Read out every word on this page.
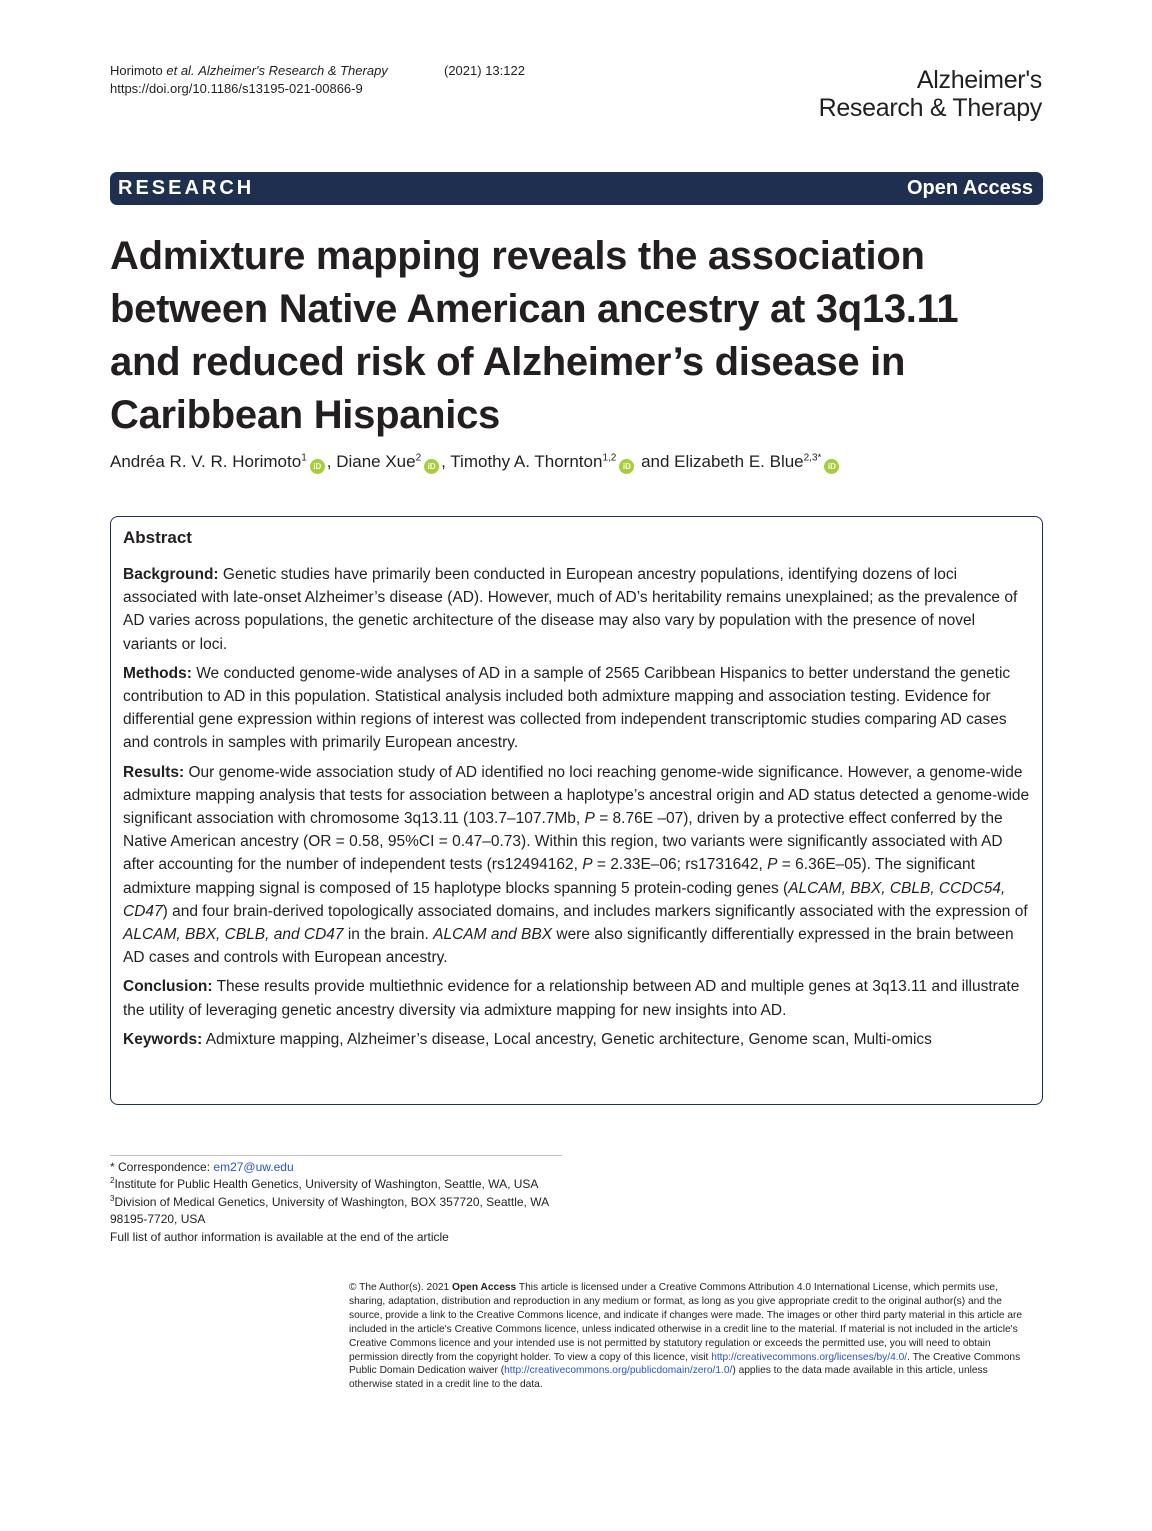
Horimoto et al. Alzheimer's Research & Therapy
https://doi.org/10.1186/s13195-021-00866-9
(2021) 13:122	Alzheimer's
Research & Therapy
RESEARCH	Open Access
Admixture mapping reveals the association between Native American ancestry at 3q13.11 and reduced risk of Alzheimer’s disease in Caribbean Hispanics
Andréa R. V. R. Horimoto$^1$iD , Diane Xue$^2$iD , Timothy A. Thornton$^{1,2}$iD and Elizabeth E. Blue$^{2,3*}$iD
Abstract

Background: Genetic studies have primarily been conducted in European ancestry populations, identifying dozens of loci associated with late-onset Alzheimer’s disease (AD). However, much of AD’s heritability remains unexplained; as the prevalence of AD varies across populations, the genetic architecture of the disease may also vary by population with the presence of novel variants or loci.

Methods: We conducted genome-wide analyses of AD in a sample of 2565 Caribbean Hispanics to better understand the genetic contribution to AD in this population. Statistical analysis included both admixture mapping and association testing. Evidence for differential gene expression within regions of interest was collected from independent transcriptomic studies comparing AD cases and controls in samples with primarily European ancestry.

Results: Our genome-wide association study of AD identified no loci reaching genome-wide significance. However, a genome-wide admixture mapping analysis that tests for association between a haplotype’s ancestral origin and AD status detected a genome-wide significant association with chromosome 3q13.11 (103.7–107.7Mb, P = 8.76E –07), driven by a protective effect conferred by the Native American ancestry (OR = 0.58, 95%CI = 0.47–0.73). Within this region, two variants were significantly associated with AD after accounting for the number of independent tests (rs12494162, P = 2.33E–06; rs1731642, P = 6.36E–05). The significant admixture mapping signal is composed of 15 haplotype blocks spanning 5 protein-coding genes (ALCAM, BBX, CBLB, CCDC54, CD47) and four brain-derived topologically associated domains, and includes markers significantly associated with the expression of ALCAM, BBX, CBLB, and CD47 in the brain. ALCAM and BBX were also significantly differentially expressed in the brain between AD cases and controls with European ancestry.

Conclusion: These results provide multiethnic evidence for a relationship between AD and multiple genes at 3q13.11 and illustrate the utility of leveraging genetic ancestry diversity via admixture mapping for new insights into AD.

Keywords: Admixture mapping, Alzheimer’s disease, Local ancestry, Genetic architecture, Genome scan, Multi-omics

* Correspondence: em27@uw.edu
$^2$Institute for Public Health Genetics, University of Washington, Seattle, WA, USA
$^3$Division of Medical Genetics, University of Washington, BOX 357720, Seattle, WA 98195-7720, USA
Full list of author information is available at the end of the article
© The Author(s). 2021 Open Access This article is licensed under a Creative Commons Attribution 4.0 International License, which permits use, sharing, adaptation, distribution and reproduction in any medium or format, as long as you give appropriate credit to the original author(s) and the source, provide a link to the Creative Commons licence, and indicate if changes were made. The images or other third party material in this article are included in the article's Creative Commons licence, unless indicated otherwise in a credit line to the material. If material is not included in the article's Creative Commons licence and your intended use is not permitted by statutory regulation or exceeds the permitted use, you will need to obtain permission directly from the copyright holder. To view a copy of this licence, visit http://creativecommons.org/licenses/by/4.0/. The Creative Commons Public Domain Dedication waiver (http://creativecommons.org/publicdomain/zero/1.0/) applies to the data made available in this article, unless otherwise stated in a credit line to the data.
